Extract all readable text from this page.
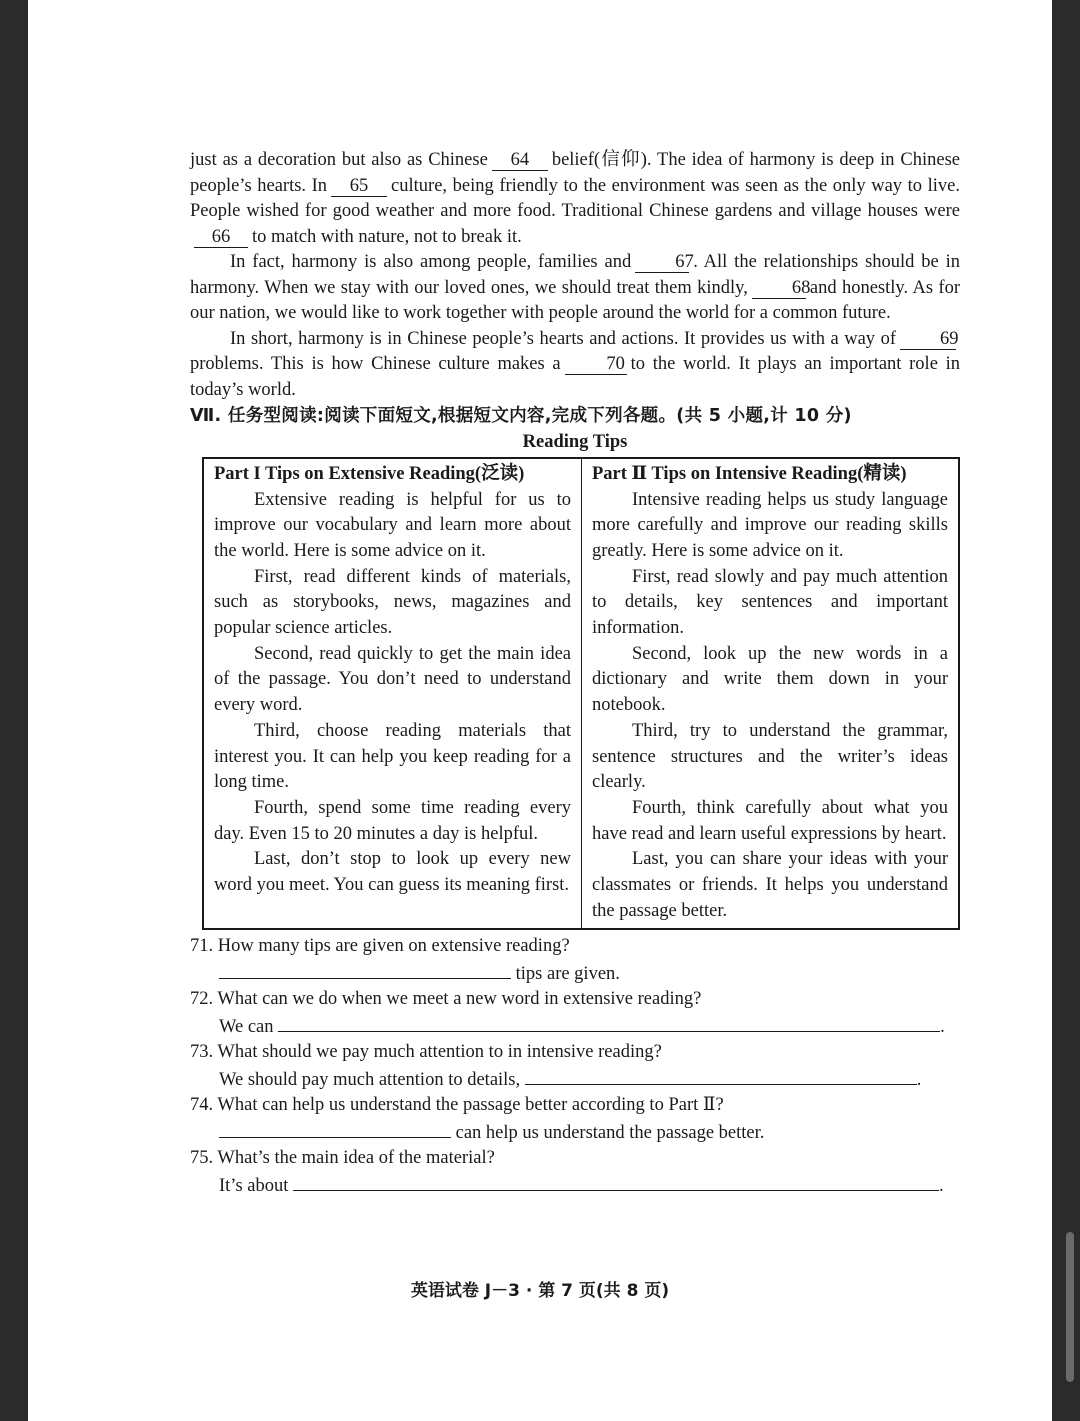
just as a decoration but also as Chinese 64 belief(信仰). The idea of harmony is deep in Chinese people’s hearts. In 65 culture, being friendly to the environment was seen as the only way to live. People wished for good weather and more food. Traditional Chinese gardens and village houses were66 to match with nature, not to break it.

In fact, harmony is also among people, families and 67. All the relationships should be in harmony. When we stay with our loved ones, we should treat them kindly, 68and honestly. As for our nation, we would like to work together with people around the world for a common future.

In short, harmony is in Chinese people’s hearts and actions. It provides us with a way of 69problems. This is how Chinese culture makes a 70 to the world. It plays an important role in today’s world.

Ⅶ. 任务型阅读:阅读下面短文,根据短文内容,完成下列各题。(共 5 小题,计 10 分)
Reading Tips
Part I Tips on Extensive Reading(泛读)

Extensive reading is helpful for us to improve our vocabulary and learn more about the world. Here is some advice on it.

First, read different kinds of materials, such as storybooks, news, magazines and popular science articles.

Second, read quickly to get the main idea of the passage. You don’t need to understand every word.

Third, choose reading materials that interest you. It can help you keep reading for a long time.

Fourth, spend some time reading every day. Even 15 to 20 minutes a day is helpful.

Last, don’t stop to look up every new word you meet. You can guess its meaning first.

Part Ⅱ Tips on Intensive Reading(精读)

Intensive reading helps us study language more carefully and improve our reading skills greatly. Here is some advice on it.

First, read slowly and pay much attention to details, key sentences and important information.

Second, look up the new words in a dictionary and write them down in your notebook.

Third, try to understand the grammar, sentence structures and the writer’s ideas clearly.

Fourth, think carefully about what you have read and learn useful expressions by heart.

Last, you can share your ideas with your classmates or friends. It helps you understand the passage better.

71. How many tips are given on extensive reading?
tips are given.
72. What can we do when we meet a new word in extensive reading?
We can	.
73. What should we pay much attention to in intensive reading?
We should pay much attention to details,	.
74. What can help us understand the passage better according to Part Ⅱ?
can help us understand the passage better.
75. What’s the main idea of the material?
It’s about	.
英语试卷 J－3 · 第 7 页(共 8 页)
